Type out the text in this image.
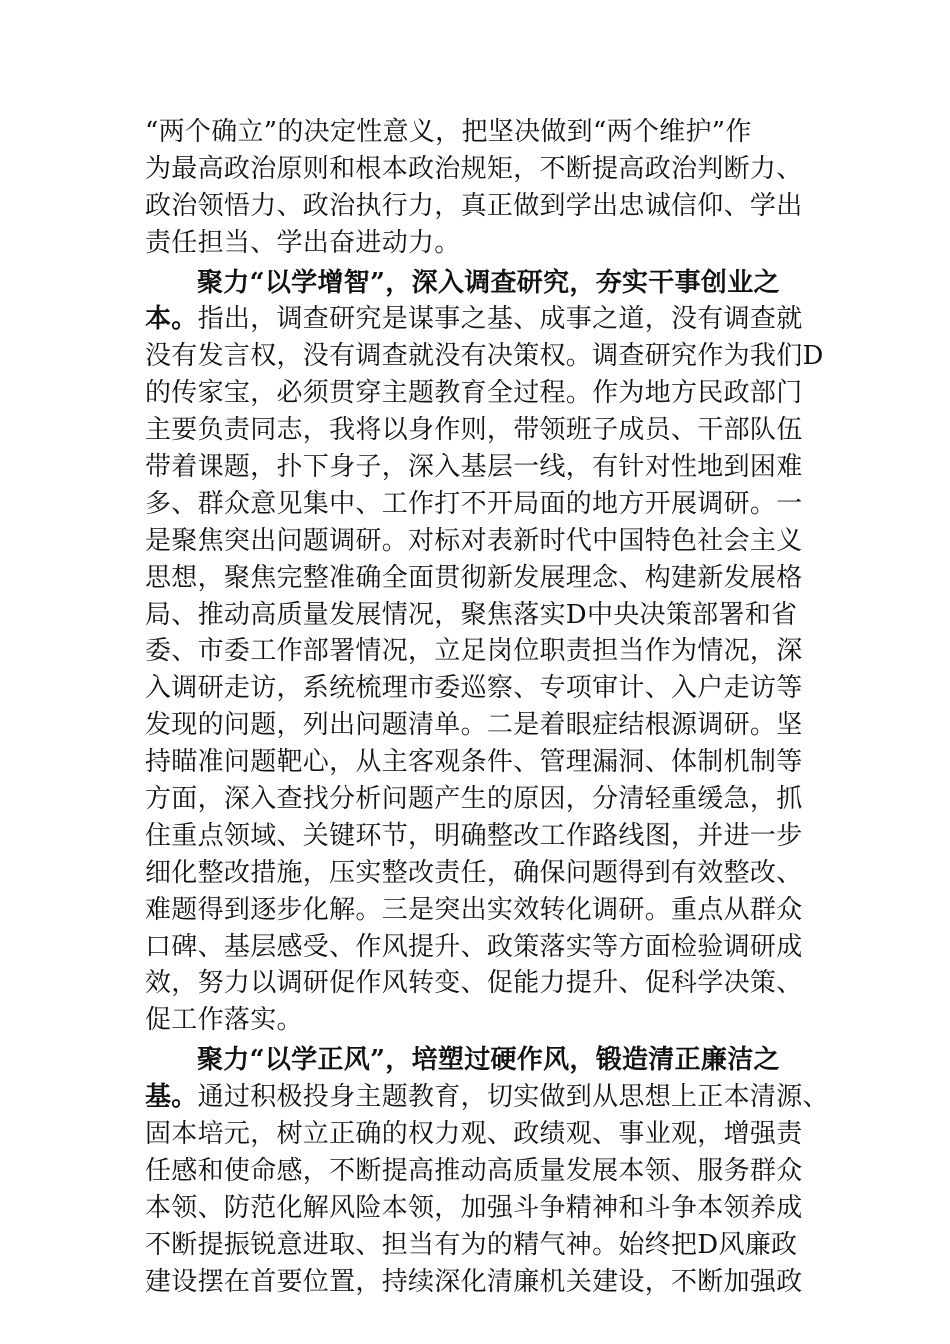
“两个确立”的决定性意义，把坚决做到“两个维护”作
为最高政治原则和根本政治规矩，不断提高政治判断力、
政治领悟力、政治执行力，真正做到学出忠诚信仰、学出
责任担当、学出奋进动力。
聚力“以学增智”，深入调查研究，夯实干事创业之
本。指出，调查研究是谋事之基、成事之道，没有调查就
没有发言权，没有调查就没有决策权。调查研究作为我们D
的传家宝，必须贯穿主题教育全过程。作为地方民政部门
主要负责同志，我将以身作则，带领班子成员、干部队伍
带着课题，扑下身子，深入基层一线，有针对性地到困难
多、群众意见集中、工作打不开局面的地方开展调研。一
是聚焦突出问题调研。对标对表新时代中国特色社会主义
思想，聚焦完整准确全面贯彻新发展理念、构建新发展格
局、推动高质量发展情况，聚焦落实D中央决策部署和省
委、市委工作部署情况，立足岗位职责担当作为情况，深
入调研走访，系统梳理市委巡察、专项审计、入户走访等
发现的问题，列出问题清单。二是着眼症结根源调研。坚
持瞄准问题靶心，从主客观条件、管理漏洞、体制机制等
方面，深入查找分析问题产生的原因，分清轻重缓急，抓
住重点领域、关键环节，明确整改工作路线图，并进一步
细化整改措施，压实整改责任，确保问题得到有效整改、
难题得到逐步化解。三是突出实效转化调研。重点从群众
口碑、基层感受、作风提升、政策落实等方面检验调研成
效，努力以调研促作风转变、促能力提升、促科学决策、
促工作落实。
聚力“以学正风”，培塑过硬作风，锻造清正廉洁之
基。通过积极投身主题教育，切实做到从思想上正本清源、
固本培元，树立正确的权力观、政绩观、事业观，增强责
任感和使命感，不断提高推动高质量发展本领、服务群众
本领、防范化解风险本领，加强斗争精神和斗争本领养成
不断提振锐意进取、担当有为的精气神。始终把D风廉政
建设摆在首要位置，持续深化清廉机关建设，不断加强政
